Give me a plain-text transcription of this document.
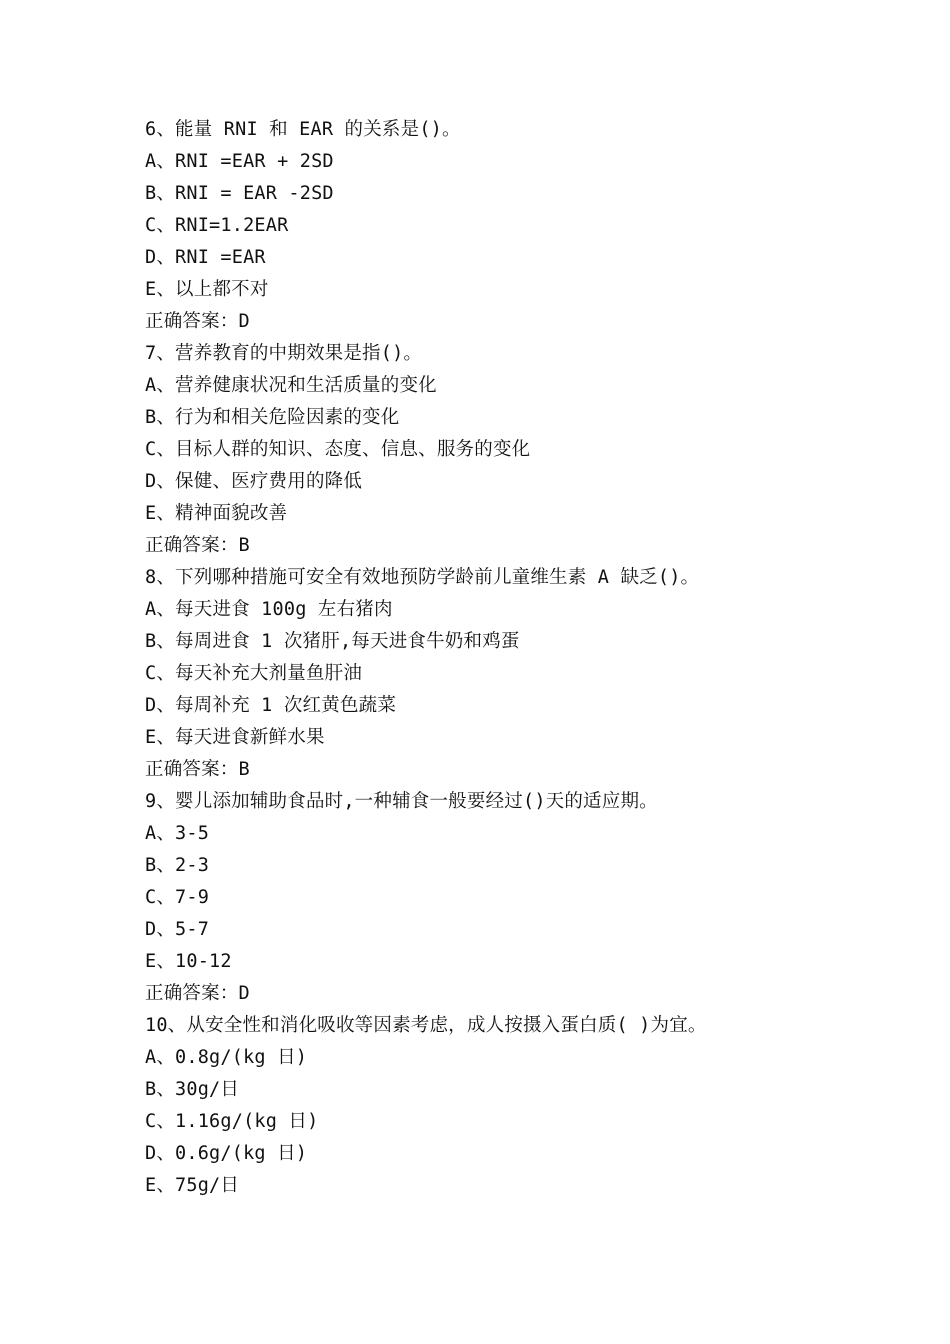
6、能量 RNI 和 EAR 的关系是()。
A、RNI =EAR + 2SD
B、RNI = EAR -2SD
C、RNI=1.2EAR
D、RNI =EAR
E、以上都不对
正确答案：D
7、营养教育的中期效果是指()。
A、营养健康状况和生活质量的变化
B、行为和相关危险因素的变化
C、目标人群的知识、态度、信息、服务的变化
D、保健、医疗费用的降低
E、精神面貌改善
正确答案：B
8、下列哪种措施可安全有效地预防学龄前儿童维生素 A 缺乏()。
A、每天进食 100g 左右猪肉
B、每周进食 1 次猪肝,每天进食牛奶和鸡蛋
C、每天补充大剂量鱼肝油
D、每周补充 1 次红黄色蔬菜
E、每天进食新鲜水果
正确答案：B
9、婴儿添加辅助食品时,一种辅食一般要经过()天的适应期。
A、3-5
B、2-3
C、7-9
D、5-7
E、10-12
正确答案：D
10、从安全性和消化吸收等因素考虑，成人按摄入蛋白质( )为宜。
A、0.8g/(kg 日)
B、30g/日
C、1.16g/(kg 日)
D、0.6g/(kg 日)
E、75g/日
